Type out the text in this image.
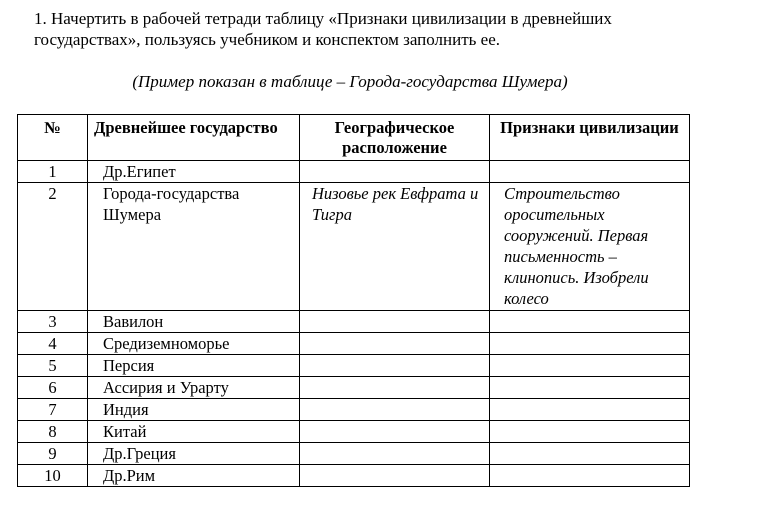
1. Начертить в рабочей тетради таблицу «Признаки цивилизации в древнейших государствах», пользуясь учебником и конспектом заполнить ее.
(Пример показан в таблице – Города-государства Шумера)
№	Древнейшее государство	Географическое расположение	Признаки цивилизации
1	Др.Египет		
2	Города-государства Шумера	Низовье рек Евфрата и Тигра	Строительство оросительных сооружений. Первая письменность – клинопись. Изобрели колесо
3	Вавилон		
4	Средиземноморье		
5	Персия		
6	Ассирия и Урарту		
7	Индия		
8	Китай		
9	Др.Греция		
10	Др.Рим		
